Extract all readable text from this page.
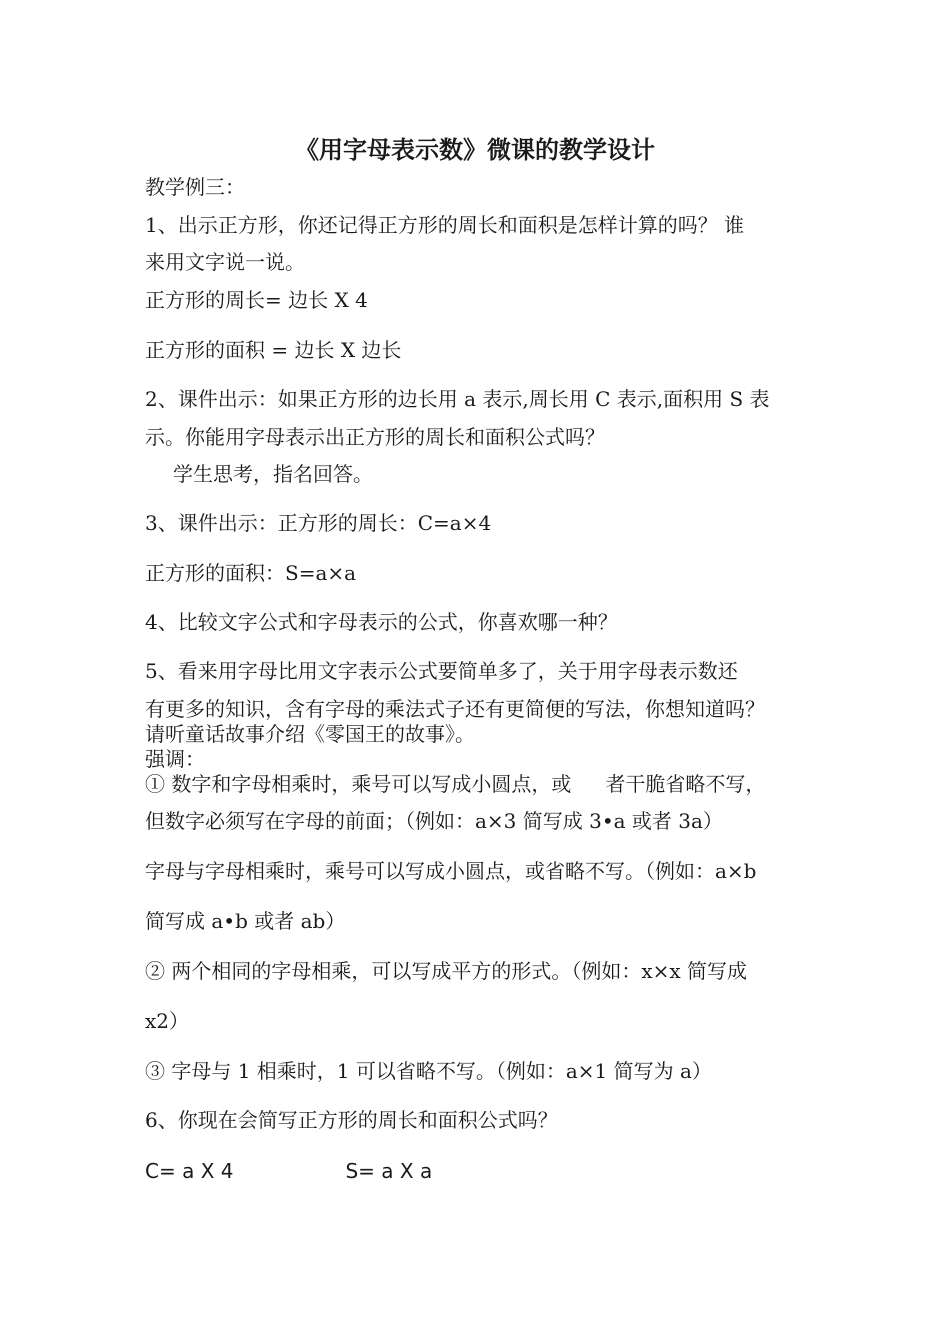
《用字母表示数》微课的教学设计

教学例三：

1、出示正方形，你还记得正方形的周长和面积是怎样计算的吗？ 谁

来用文字说一说。

正方形的周长= 边长 X 4

正方形的面积 = 边长 X 边长

2、课件出示：如果正方形的边长用 a 表示,周长用 C 表示,面积用 S 表

示。你能用字母表示出正方形的周长和面积公式吗？

学生思考，指名回答。

3、课件出示：正方形的周长：C=a×4

正方形的面积：S=a×a

4、比较文字公式和字母表示的公式，你喜欢哪一种？

5、看来用字母比用文字表示公式要简单多了，关于用字母表示数还

有更多的知识，含有字母的乘法式子还有更简便的写法，你想知道吗？

请听童话故事介绍《零国王的故事》。

强调：

① 数字和字母相乘时，乘号可以写成小圆点，或 者干脆省略不写，

但数字必须写在字母的前面；（例如：a×3 简写成 3•a 或者 3a）

字母与字母相乘时，乘号可以写成小圆点，或省略不写。（例如：a×b

简写成 a•b 或者 ab）

② 两个相同的字母相乘，可以写成平方的形式。（例如：x×x 简写成

x2）

③ 字母与 1 相乘时，1 可以省略不写。（例如：a×1 简写为 a）

6、你现在会简写正方形的周长和面积公式吗？

C= a X 4	S= a X a
